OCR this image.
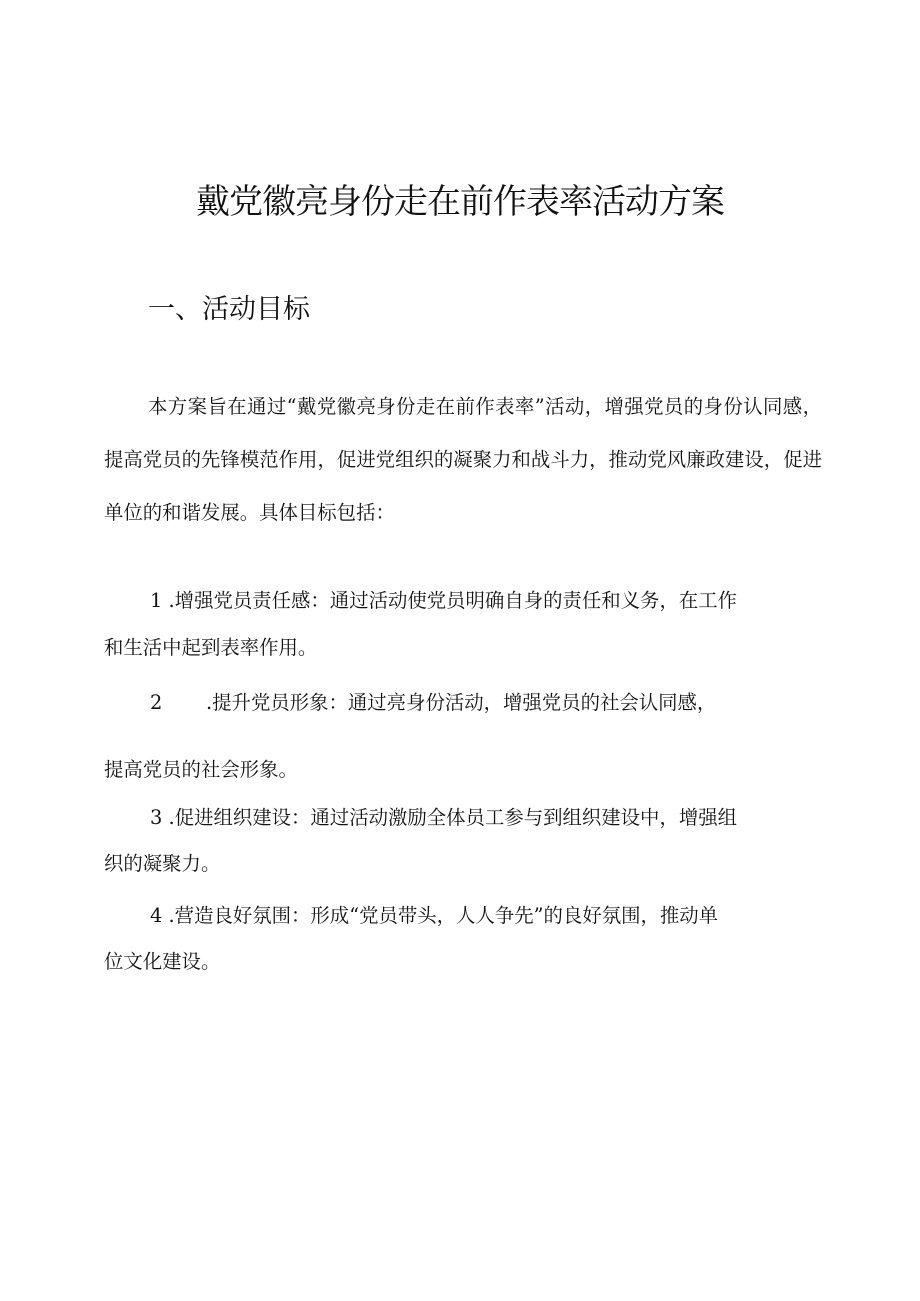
戴党徽亮身份走在前作表率活动方案
一、活动目标

本方案旨在通过“戴党徽亮身份走在前作表率”活动，增强党员的身份认同感，提高党员的先锋模范作用，促进党组织的凝聚力和战斗力，推动党风廉政建设，促进单位的和谐发展。具体目标包括：

1 .增强党员责任感：通过活动使党员明确自身的责任和义务，在工作

和生活中起到表率作用。

2 .提升党员形象：通过亮身份活动，增强党员的社会认同感，

提高党员的社会形象。

3 .促进组织建设：通过活动激励全体员工参与到组织建设中，增强组

织的凝聚力。

4 .营造良好氛围：形成“党员带头，人人争先”的良好氛围，推动单

位文化建设。
